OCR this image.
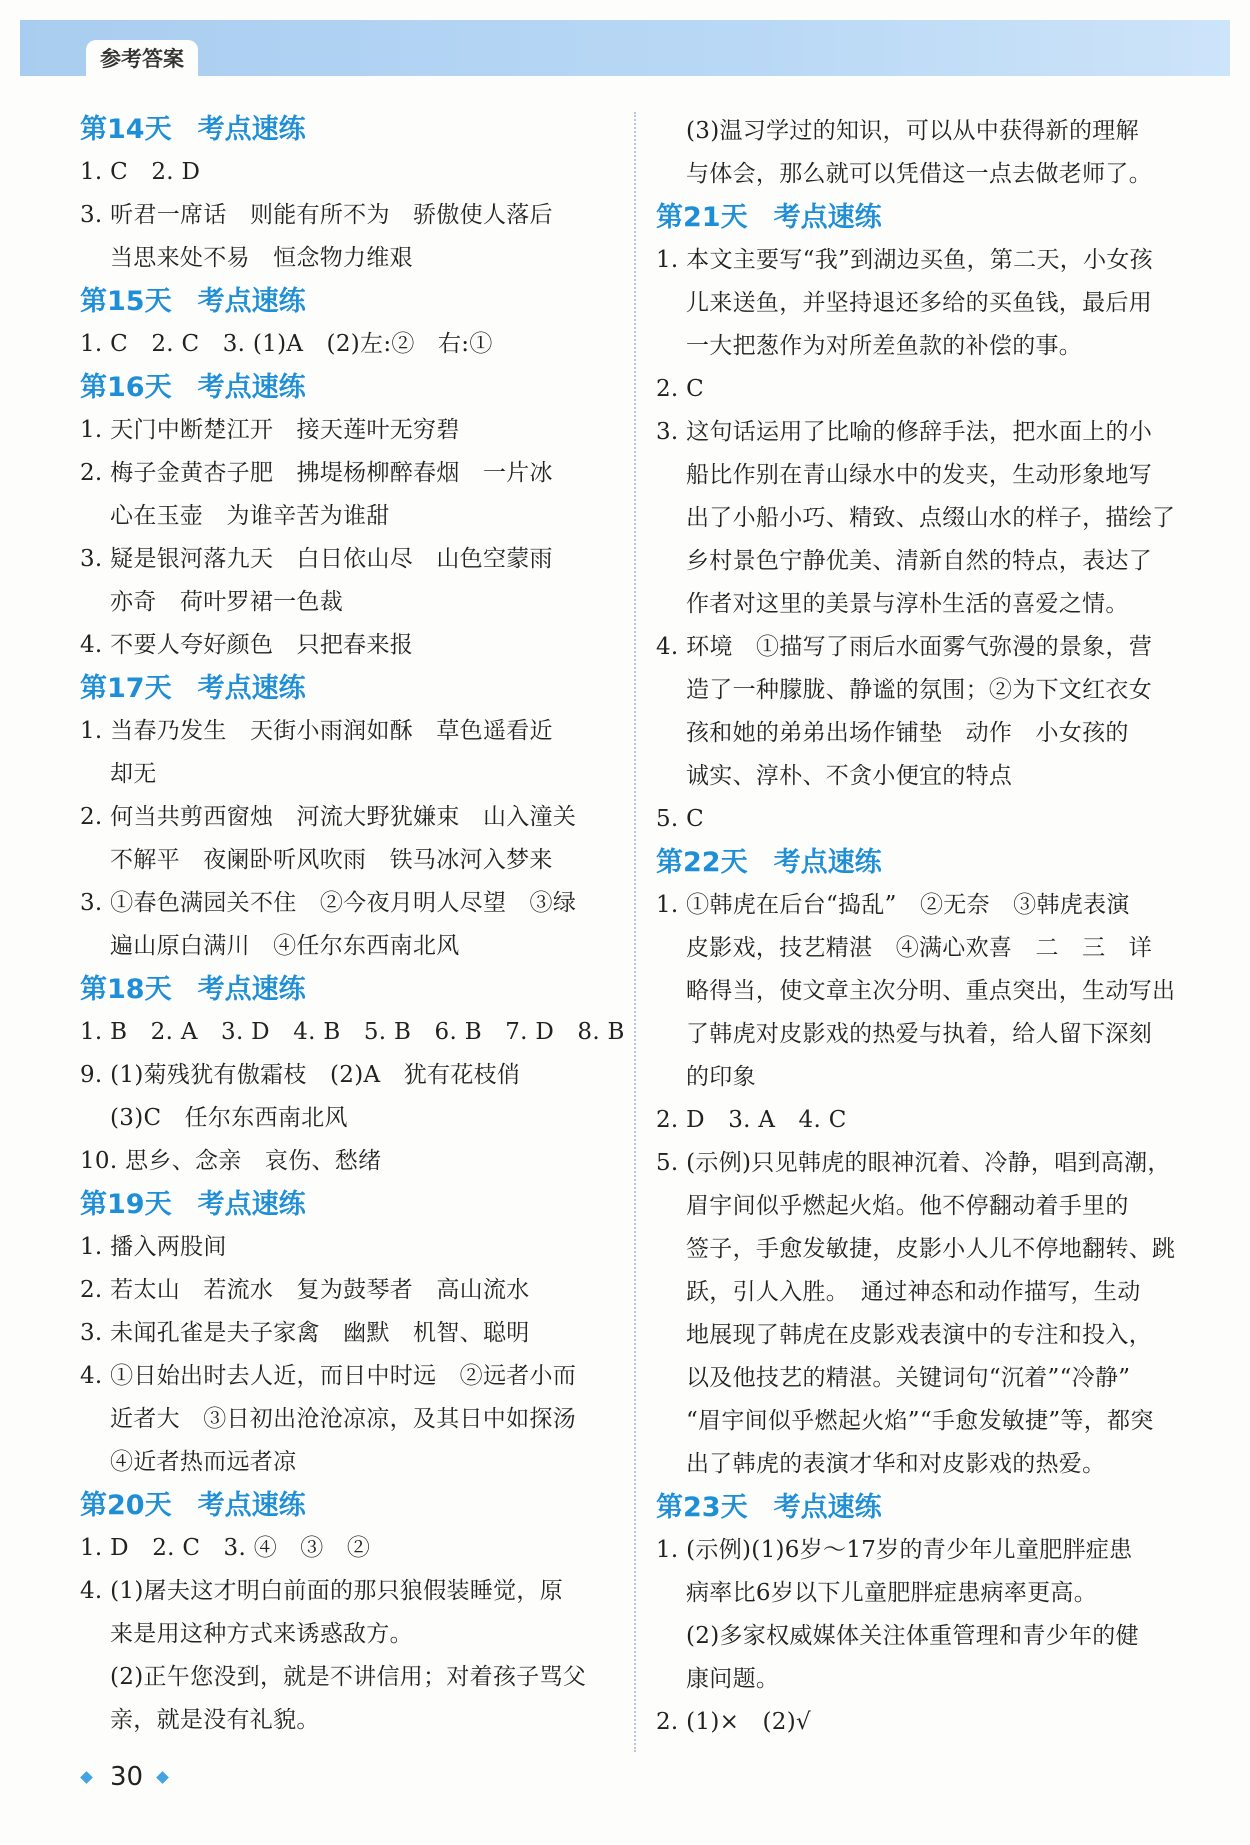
参考答案
第14天 考点速练
1. C　2. D
3. 听君一席话　则能有所不为　骄傲使人落后
当思来处不易　恒念物力维艰
第15天 考点速练
1. C　2. C　3. (1)A　(2)左:②　右:①
第16天 考点速练
1. 天门中断楚江开　接天莲叶无穷碧
2. 梅子金黄杏子肥　拂堤杨柳醉春烟　一片冰
心在玉壶　为谁辛苦为谁甜
3. 疑是银河落九天　白日依山尽　山色空蒙雨
亦奇　荷叶罗裙一色裁
4. 不要人夸好颜色　只把春来报
第17天 考点速练
1. 当春乃发生　天街小雨润如酥　草色遥看近
却无
2. 何当共剪西窗烛　河流大野犹嫌束　山入潼关
不解平　夜阑卧听风吹雨　铁马冰河入梦来
3. ①春色满园关不住　②今夜月明人尽望　③绿
遍山原白满川　④任尔东西南北风
第18天 考点速练
1. B　2. A　3. D　4. B　5. B　6. B　7. D　8. B
9. (1)菊残犹有傲霜枝　(2)A　犹有花枝俏
(3)C　任尔东西南北风
10. 思乡、念亲　哀伤、愁绪
第19天 考点速练
1. 播入两股间
2. 若太山　若流水　复为鼓琴者　高山流水
3. 未闻孔雀是夫子家禽　幽默　机智、聪明
4. ①日始出时去人近，而日中时远　②远者小而
近者大　③日初出沧沧凉凉，及其日中如探汤
④近者热而远者凉
第20天 考点速练
1. D　2. C　3. ④　③　②
4. (1)屠夫这才明白前面的那只狼假装睡觉，原
来是用这种方式来诱惑敌方。
(2)正午您没到，就是不讲信用；对着孩子骂父
亲，就是没有礼貌。
(3)温习学过的知识，可以从中获得新的理解
与体会，那么就可以凭借这一点去做老师了。
第21天 考点速练
1. 本文主要写“我”到湖边买鱼，第二天，小女孩
儿来送鱼，并坚持退还多给的买鱼钱，最后用
一大把葱作为对所差鱼款的补偿的事。
2. C
3. 这句话运用了比喻的修辞手法，把水面上的小
船比作别在青山绿水中的发夹，生动形象地写
出了小船小巧、精致、点缀山水的样子，描绘了
乡村景色宁静优美、清新自然的特点，表达了
作者对这里的美景与淳朴生活的喜爱之情。
4. 环境　①描写了雨后水面雾气弥漫的景象，营
造了一种朦胧、静谧的氛围；②为下文红衣女
孩和她的弟弟出场作铺垫　动作　小女孩的
诚实、淳朴、不贪小便宜的特点
5. C
第22天 考点速练
1. ①韩虎在后台“捣乱”　②无奈　③韩虎表演
皮影戏，技艺精湛　④满心欢喜　二　三　详
略得当，使文章主次分明、重点突出，生动写出
了韩虎对皮影戏的热爱与执着，给人留下深刻
的印象
2. D　3. A　4. C
5. (示例)只见韩虎的眼神沉着、冷静，唱到高潮，
眉宇间似乎燃起火焰。他不停翻动着手里的
签子，手愈发敏捷，皮影小人儿不停地翻转、跳
跃，引人入胜。　通过神态和动作描写，生动
地展现了韩虎在皮影戏表演中的专注和投入，
以及他技艺的精湛。关键词句“沉着”“冷静”
“眉宇间似乎燃起火焰”“手愈发敏捷”等，都突
出了韩虎的表演才华和对皮影戏的热爱。
第23天 考点速练
1. (示例)(1)6岁～17岁的青少年儿童肥胖症患
病率比6岁以下儿童肥胖症患病率更高。
(2)多家权威媒体关注体重管理和青少年的健
康问题。
2. (1)×　(2)√
30
